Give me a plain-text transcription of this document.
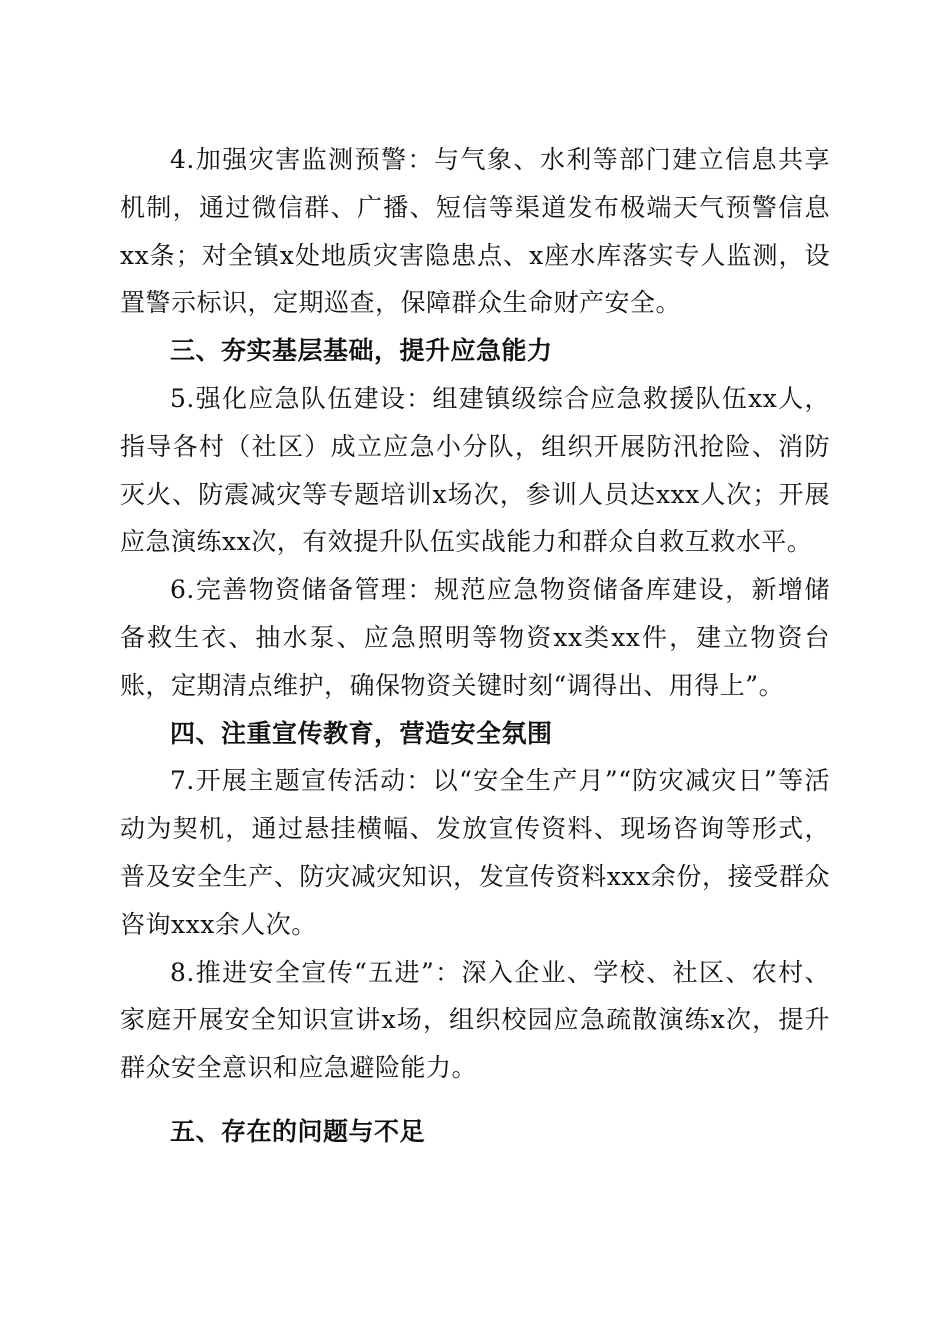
4.加强灾害监测预警：与气象、水利等部门建立信息共享机制，通过微信群、广播、短信等渠道发布极端天气预警信息xx条；对全镇x处地质灾害隐患点、x座水库落实专人监测，设置警示标识，定期巡查，保障群众生命财产安全。

三、夯实基层基础，提升应急能力

5.强化应急队伍建设：组建镇级综合应急救援队伍xx人，指导各村（社区）成立应急小分队，组织开展防汛抢险、消防灭火、防震减灾等专题培训x场次，参训人员达xxx人次；开展应急演练xx次，有效提升队伍实战能力和群众自救互救水平。

6.完善物资储备管理：规范应急物资储备库建设，新增储备救生衣、抽水泵、应急照明等物资xx类xx件，建立物资台账，定期清点维护，确保物资关键时刻“调得出、用得上”。

四、注重宣传教育，营造安全氛围

7.开展主题宣传活动：以“安全生产月”“防灾减灾日”等活动为契机，通过悬挂横幅、发放宣传资料、现场咨询等形式，普及安全生产、防灾减灾知识，发宣传资料xxx余份，接受群众咨询xxx余人次。

8.推进安全宣传“五进”：深入企业、学校、社区、农村、家庭开展安全知识宣讲x场，组织校园应急疏散演练x次，提升群众安全意识和应急避险能力。

五、存在的问题与不足
